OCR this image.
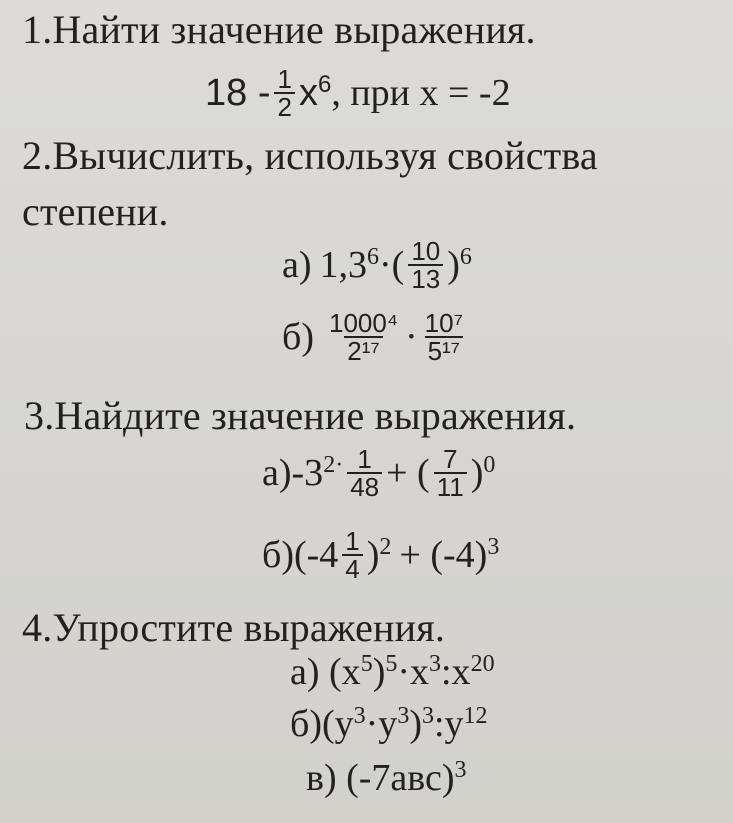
1.Найти значение выражения.
$18 - \frac{1}{2} x^6$ , при x = -2
2.Вычислить, используя свойства
степени.
а) $1,3^6$ ·( $\frac{10}{13} )^6$
$б) \frac{\text{1000⁴}}{\text{2¹⁷}} \cdot \frac{\text{10⁷}}{\text{5¹⁷}}$
3.Найдите значение выражения.
$а)-3^{2\cdot} \frac{1}{48}$ + ( $\frac{7}{11} )^0$
$б)(-4 \frac{1}{4} )^2 + (-4)^3$
4.Упростите выражения.
а) ($x^5$ )$^5 \cdot x^3$ $:x^{20}$
$б)(y^3 \cdot y^3$ )$^3$ $:y^{12}$
в) $(-7авс)^3$
